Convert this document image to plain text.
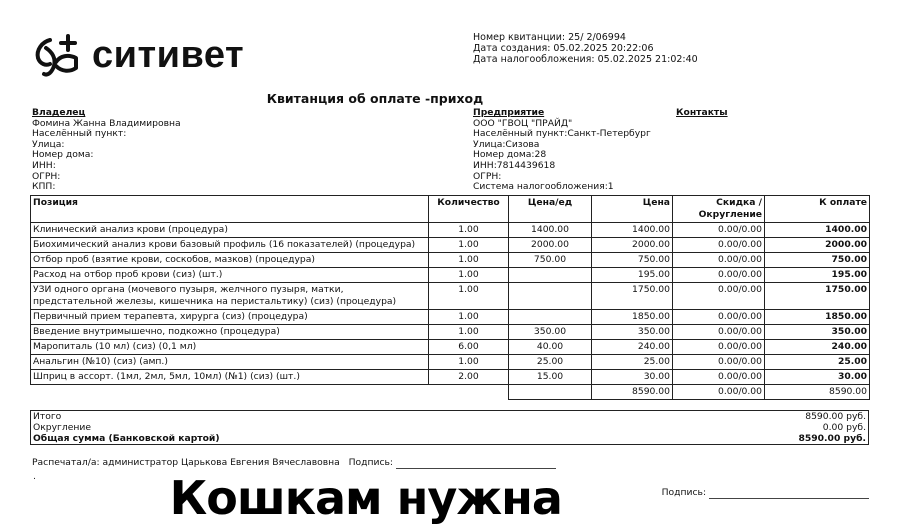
ситивет	Номер квитанции: 25/ 2/06994
Дата создания: 05.02.2025 20:22:06
Дата налогообложения: 05.02.2025 21:02:40
Квитанция об оплате -приход
Владелец
Фомина Жанна Владимировна
Населённый пункт:
Улица:
Номер дома:
ИНН:
ОГРН:
КПП:
Предприятие
ООО "ГВОЦ "ПРАЙД"
Населённый пункт:Санкт-Петербург
Улица:Сизова
Номер дома:28
ИНН:7814439618
ОГРН:
Система налогообложения:1
Контакты
Позиция	Количество	Цена/ед	Цена	Скидка / Округление	К оплате
Клинический анализ крови (процедура)	1.00	1400.00	1400.00	0.00/0.00	1400.00
Биохимический анализ крови базовый профиль (16 показателей) (процедура)	1.00	2000.00	2000.00	0.00/0.00	2000.00
Отбор проб (взятие крови, соскобов, мазков) (процедура)	1.00	750.00	750.00	0.00/0.00	750.00
Расход на отбор проб крови (сиз) (шт.)	1.00		195.00	0.00/0.00	195.00
УЗИ одного органа (мочевого пузыря, желчного пузыря, матки, предстательной железы, кишечника на перистальтику) (сиз) (процедура)	1.00		1750.00	0.00/0.00	1750.00
Первичный прием терапевта, хирурга (сиз) (процедура)	1.00		1850.00	0.00/0.00	1850.00
Введение внутримышечно, подкожно (процедура)	1.00	350.00	350.00	0.00/0.00	350.00
Маропиталь (10 мл) (сиз) (0,1 мл)	6.00	40.00	240.00	0.00/0.00	240.00
Анальгин (№10) (сиз) (амп.)	1.00	25.00	25.00	0.00/0.00	25.00
Шприц в ассорт. (1мл, 2мл, 5мл, 10мл) (№1) (сиз) (шт.)	2.00	15.00	30.00	0.00/0.00	30.00
			8590.00	0.00/0.00	8590.00
Итого	8590.00 руб.
Округление	0.00 руб.
Общая сумма (Банковской картой)	8590.00 руб.
Распечатал/а: администратор Царькова Евгения Вячеславовна Подпись:
.	Кошкам нужна	Подпись:
